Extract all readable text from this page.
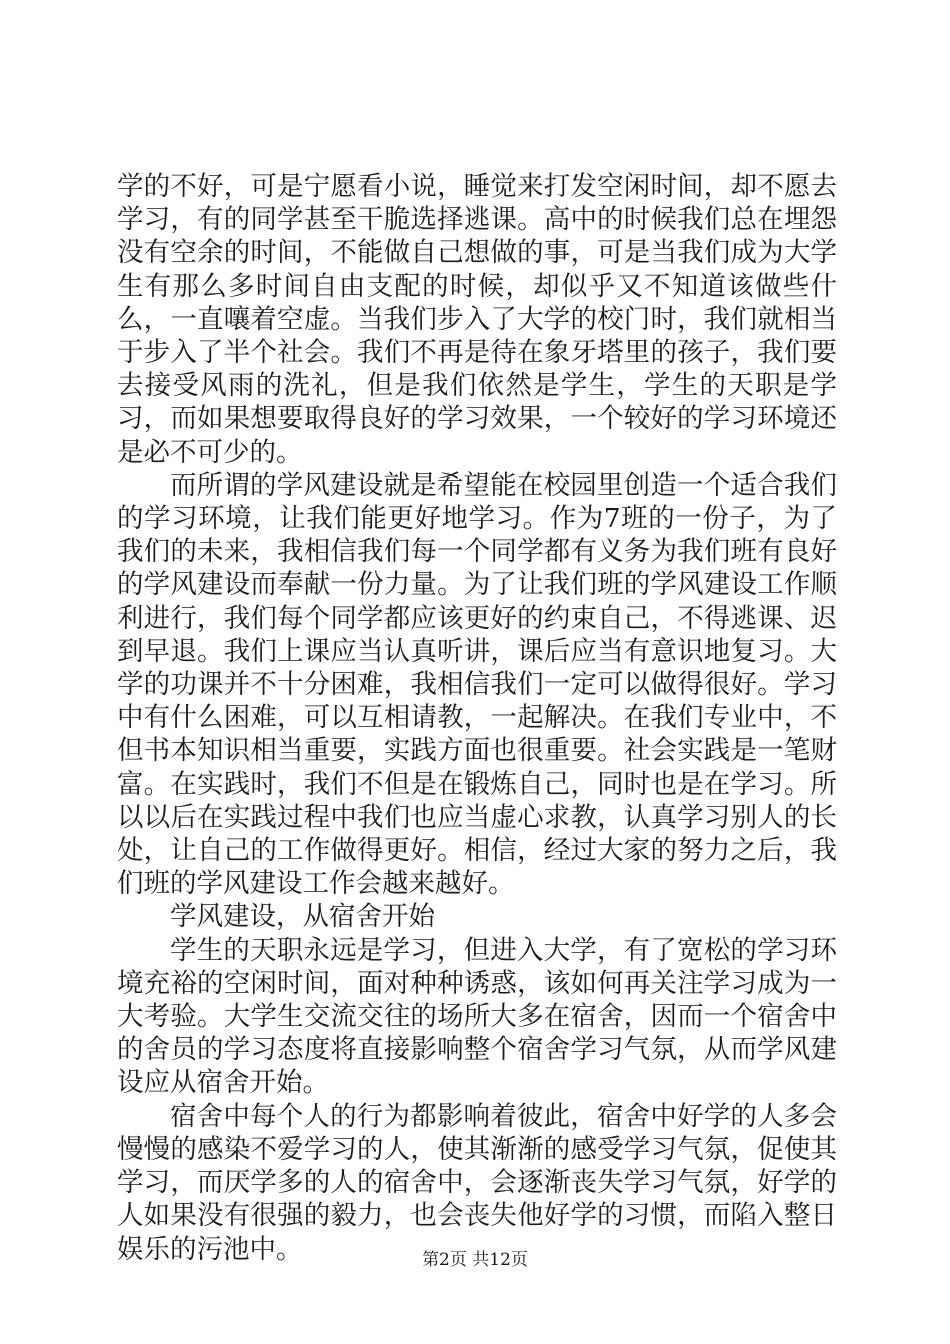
学的不好，可是宁愿看小说，睡觉来打发空闲时间，却不愿去学习，有的同学甚至干脆选择逃课。高中的时候我们总在埋怨没有空余的时间，不能做自己想做的事，可是当我们成为大学生有那么多时间自由支配的时候，却似乎又不知道该做些什么，一直嚷着空虚。当我们步入了大学的校门时，我们就相当于步入了半个社会。我们不再是待在象牙塔里的孩子，我们要去接受风雨的洗礼，但是我们依然是学生，学生的天职是学习，而如果想要取得良好的学习效果，一个较好的学习环境还是必不可少的。

而所谓的学风建设就是希望能在校园里创造一个适合我们的学习环境，让我们能更好地学习。作为7班的一份子，为了我们的未来，我相信我们每一个同学都有义务为我们班有良好的学风建设而奉献一份力量。为了让我们班的学风建设工作顺利进行，我们每个同学都应该更好的约束自己，不得逃课、迟到早退。我们上课应当认真听讲，课后应当有意识地复习。大学的功课并不十分困难，我相信我们一定可以做得很好。学习中有什么困难，可以互相请教，一起解决。在我们专业中，不但书本知识相当重要，实践方面也很重要。社会实践是一笔财富。在实践时，我们不但是在锻炼自己，同时也是在学习。所以以后在实践过程中我们也应当虚心求教，认真学习别人的长处，让自己的工作做得更好。相信，经过大家的努力之后，我们班的学风建设工作会越来越好。

学风建设，从宿舍开始

学生的天职永远是学习，但进入大学，有了宽松的学习环境充裕的空闲时间，面对种种诱惑，该如何再关注学习成为一大考验。大学生交流交往的场所大多在宿舍，因而一个宿舍中的舍员的学习态度将直接影响整个宿舍学习气氛，从而学风建设应从宿舍开始。

宿舍中每个人的行为都影响着彼此，宿舍中好学的人多会慢慢的感染不爱学习的人，使其渐渐的感受学习气氛，促使其学习，而厌学多的人的宿舍中，会逐渐丧失学习气氛，好学的人如果没有很强的毅力，也会丧失他好学的习惯，而陷入整日娱乐的污池中。	第2页 共12页
